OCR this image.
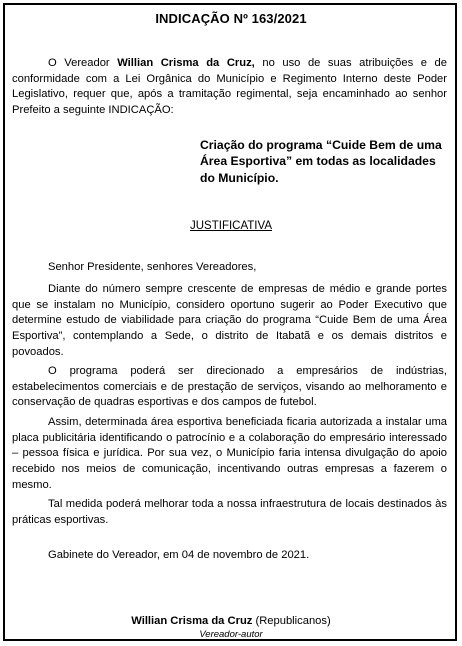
INDICAÇÃO Nº 163/2021

O Vereador Willian Crisma da Cruz, no uso de suas atribuições e de conformidade com a Lei Orgânica do Município e Regimento Interno deste Poder Legislativo, requer que, após a tramitação regimental, seja encaminhado ao senhor Prefeito a seguinte INDICAÇÃO:

Criação do programa “Cuide Bem de uma Área Esportiva” em todas as localidades do Município.

JUSTIFICATIVA
Senhor Presidente, senhores Vereadores,

Diante do número sempre crescente de empresas de médio e grande portes que se instalam no Município, considero oportuno sugerir ao Poder Executivo que determine estudo de viabilidade para criação do programa “Cuide Bem de uma Área Esportiva”, contemplando a Sede, o distrito de Itabatã e os demais distritos e povoados.

O programa poderá ser direcionado a empresários de indústrias, estabelecimentos comerciais e de prestação de serviços, visando ao melhoramento e conservação de quadras esportivas e dos campos de futebol.

Assim, determinada área esportiva beneficiada ficaria autorizada a instalar uma placa publicitária identificando o patrocínio e a colaboração do empresário interessado – pessoa física e jurídica. Por sua vez, o Município faria intensa divulgação do apoio recebido nos meios de comunicação, incentivando outras empresas a fazerem o mesmo.

Tal medida poderá melhorar toda a nossa infraestrutura de locais destinados às práticas esportivas.

Gabinete do Vereador, em 04 de novembro de 2021.
Willian Crisma da Cruz (Republicanos)
Vereador-autor
